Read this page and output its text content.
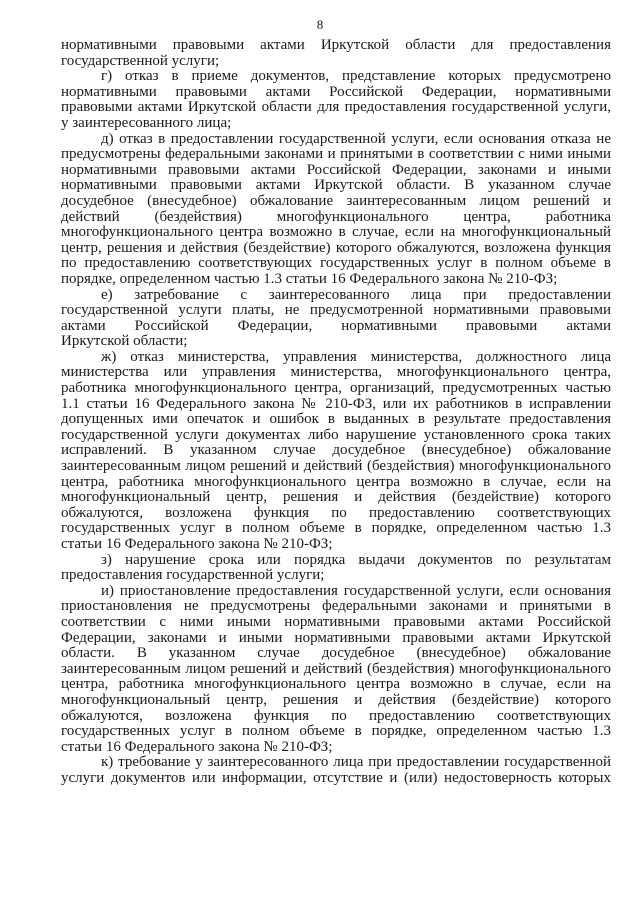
8
нормативными правовыми актами Иркутской области для предоставления
государственной услуги;
г) отказ в приеме документов, представление которых предусмотрено
нормативными правовыми актами Российской Федерации, нормативными
правовыми актами Иркутской области для предоставления государственной услуги,
у заинтересованного лица;
д) отказ в предоставлении государственной услуги, если основания отказа не
предусмотрены федеральными законами и принятыми в соответствии с ними иными
нормативными правовыми актами Российской Федерации, законами и иными
нормативными правовыми актами Иркутской области. В указанном случае
досудебное (внесудебное) обжалование заинтересованным лицом решений и
действий (бездействия) многофункционального центра, работника
многофункционального центра возможно в случае, если на многофункциональный
центр, решения и действия (бездействие) которого обжалуются, возложена функция
по предоставлению соответствующих государственных услуг в полном объеме в
порядке, определенном частью 1.3 статьи 16 Федерального закона № 210-ФЗ;
е) затребование с заинтересованного лица при предоставлении
государственной услуги платы, не предусмотренной нормативными правовыми
актами Российской Федерации, нормативными правовыми актами
Иркутской области;
ж) отказ министерства, управления министерства, должностного лица
министерства или управления министерства, многофункционального центра,
работника многофункционального центра, организаций, предусмотренных частью
1.1 статьи 16 Федерального закона № 210-ФЗ, или их работников в исправлении
допущенных ими опечаток и ошибок в выданных в результате предоставления
государственной услуги документах либо нарушение установленного срока таких
исправлений. В указанном случае досудебное (внесудебное) обжалование
заинтересованным лицом решений и действий (бездействия) многофункционального
центра, работника многофункционального центра возможно в случае, если на
многофункциональный центр, решения и действия (бездействие) которого
обжалуются, возложена функция по предоставлению соответствующих
государственных услуг в полном объеме в порядке, определенном частью 1.3
статьи 16 Федерального закона № 210-ФЗ;
з) нарушение срока или порядка выдачи документов по результатам
предоставления государственной услуги;
и) приостановление предоставления государственной услуги, если основания
приостановления не предусмотрены федеральными законами и принятыми в
соответствии с ними иными нормативными правовыми актами Российской
Федерации, законами и иными нормативными правовыми актами Иркутской
области. В указанном случае досудебное (внесудебное) обжалование
заинтересованным лицом решений и действий (бездействия) многофункционального
центра, работника многофункционального центра возможно в случае, если на
многофункциональный центр, решения и действия (бездействие) которого
обжалуются, возложена функция по предоставлению соответствующих
государственных услуг в полном объеме в порядке, определенном частью 1.3
статьи 16 Федерального закона № 210-ФЗ;
к) требование у заинтересованного лица при предоставлении государственной
услуги документов или информации, отсутствие и (или) недостоверность которых
